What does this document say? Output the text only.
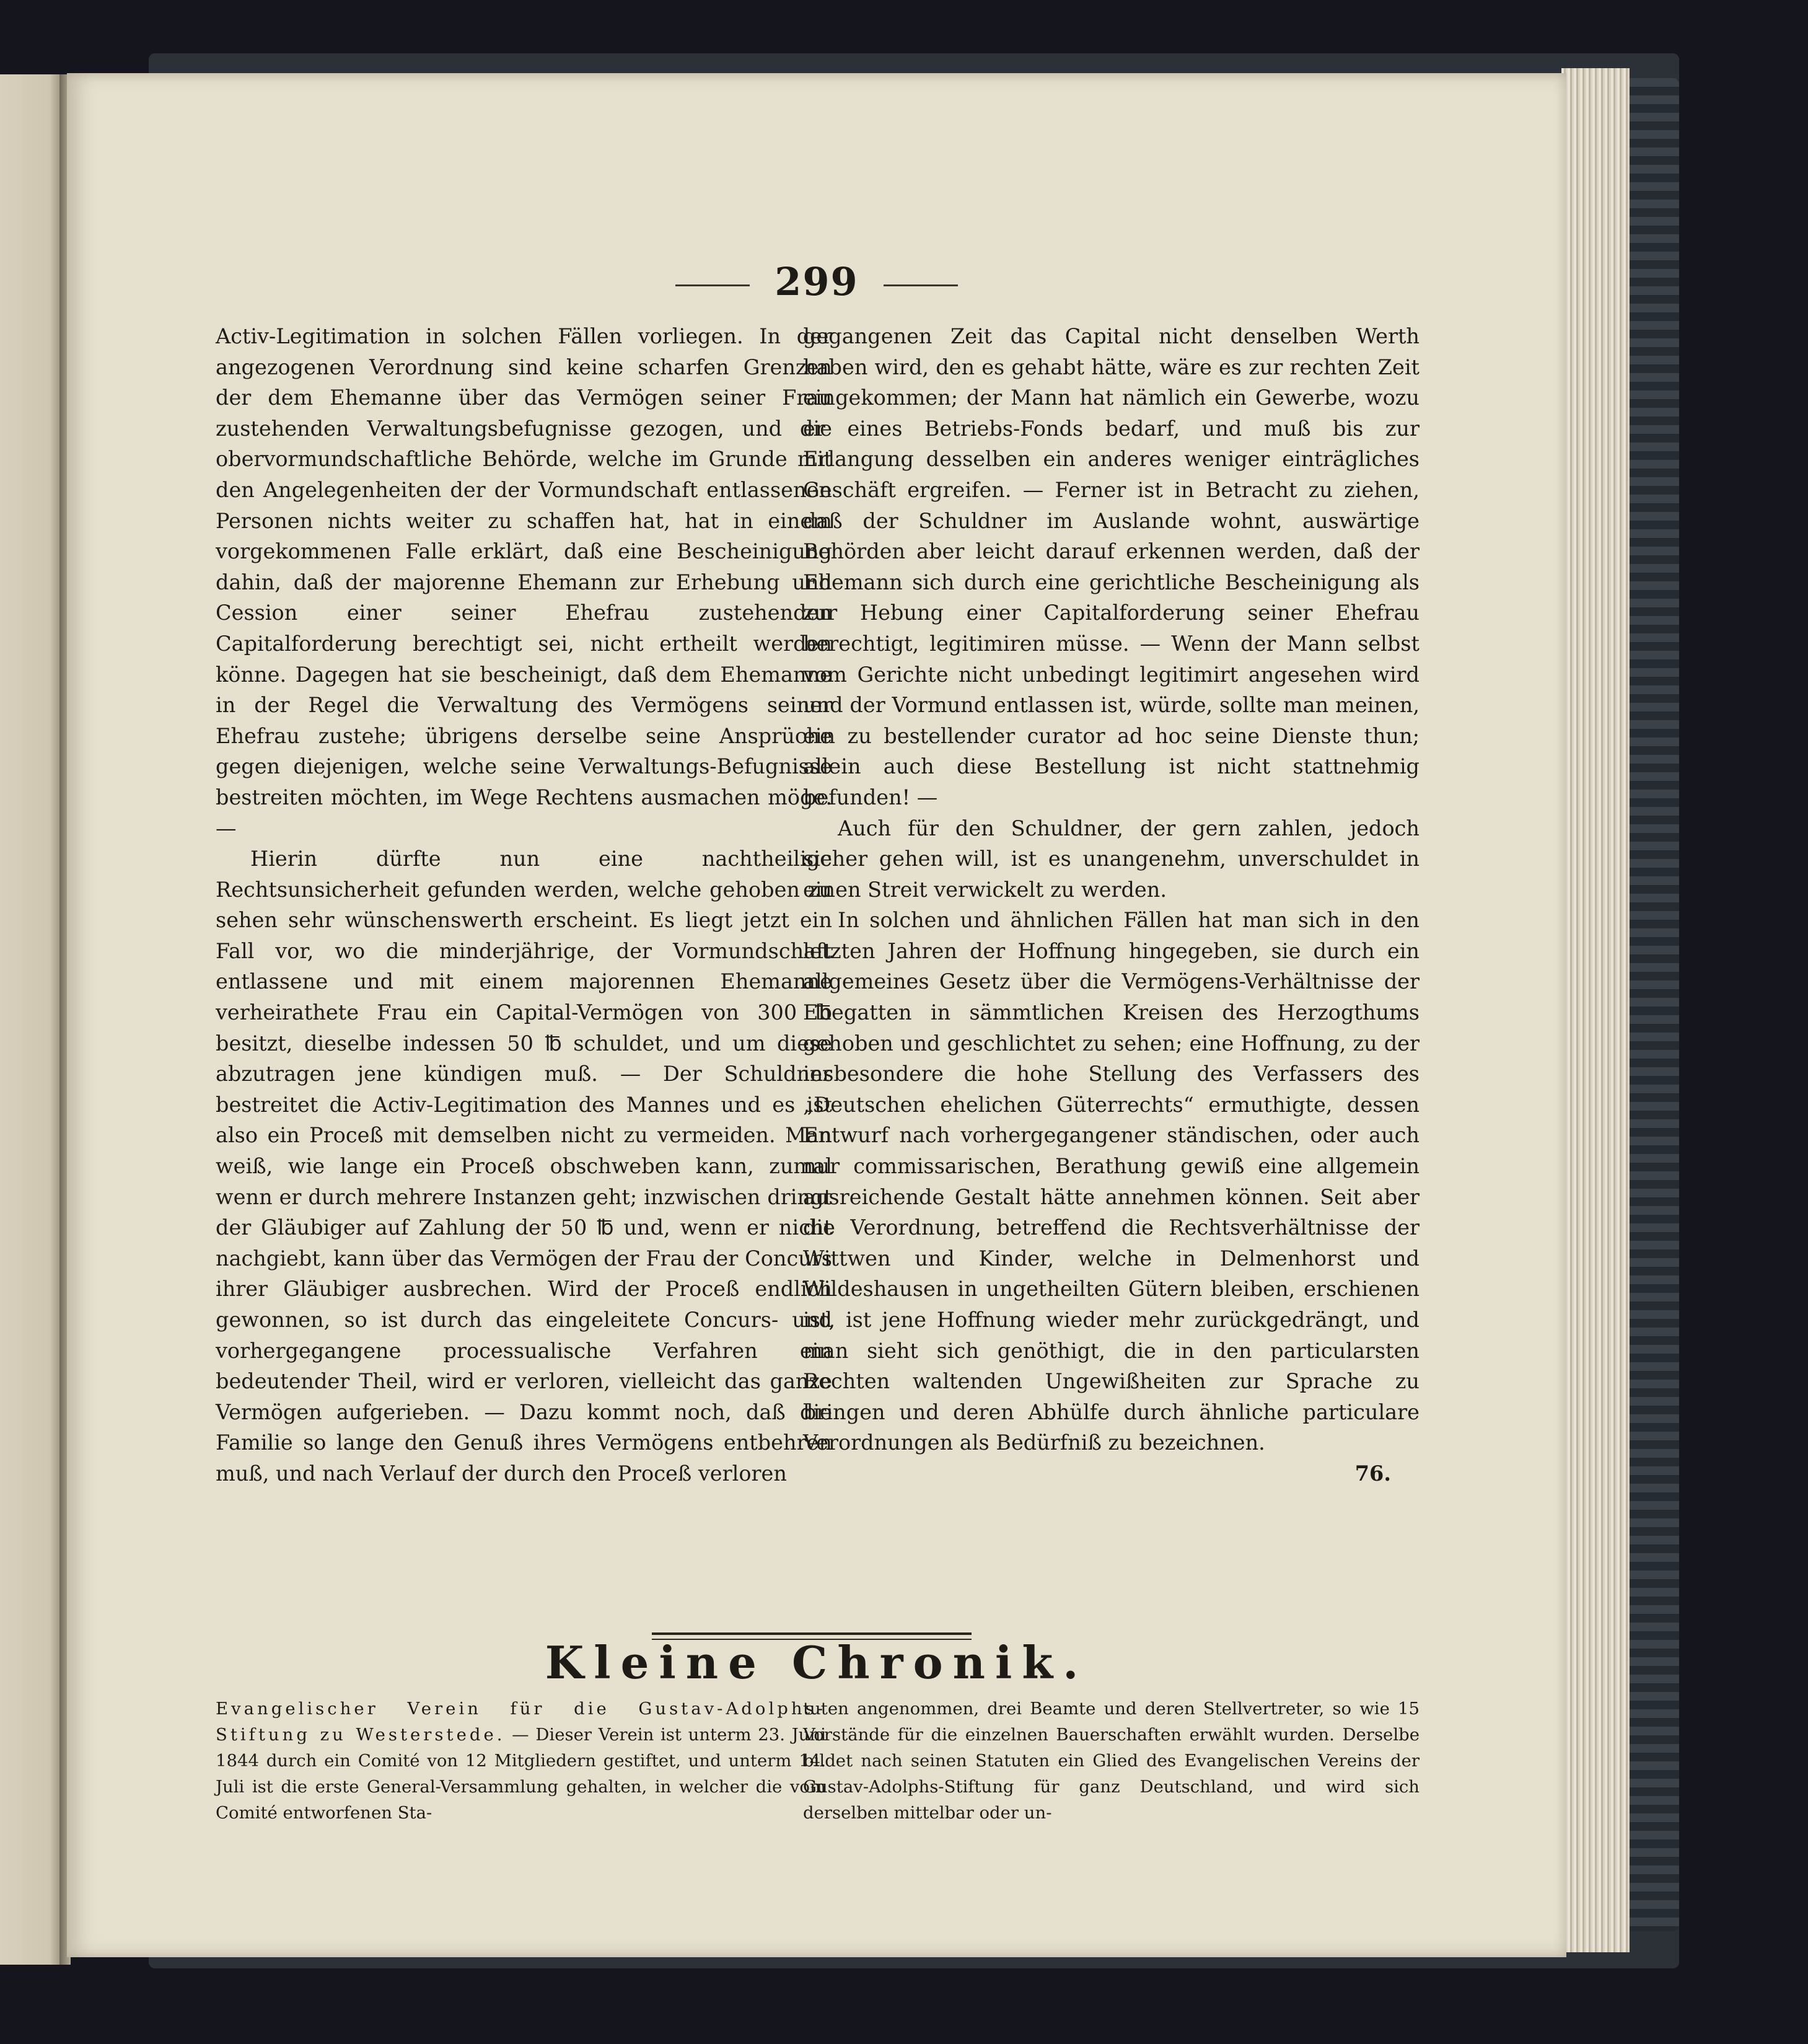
299

Activ-Legitimation in solchen Fällen vorliegen. In der angezogenen Verordnung sind keine scharfen Grenzen der dem Ehemanne über das Vermögen seiner Frau zustehenden Verwaltungsbefugnisse gezogen, und die obervormundschaftliche Behörde, welche im Grunde mit den Angelegenheiten der der Vormundschaft entlassenen Personen nichts weiter zu schaffen hat, hat in einem vorgekommenen Falle erklärt, daß eine Bescheinigung dahin, daß der majorenne Ehemann zur Erhebung und Cession einer seiner Ehefrau zustehenden Capitalforderung berechtigt sei, nicht ertheilt werden könne. Dagegen hat sie bescheinigt, daß dem Ehemanne in der Regel die Verwaltung des Vermögens seiner Ehefrau zustehe; übrigens derselbe seine Ansprüche gegen diejenigen, welche seine Verwaltungs-Befugnisse bestreiten möchten, im Wege Rechtens ausmachen möge. —

Hierin dürfte nun eine nachtheilige Rechtsunsicherheit gefunden werden, welche gehoben zu sehen sehr wünschenswerth erscheint. Es liegt jetzt ein Fall vor, wo die minderjährige, der Vormundschaft entlassene und mit einem majorennen Ehemanne verheirathete Frau ein Capital-Vermögen von 300 ℔ besitzt, dieselbe indessen 50 ℔ schuldet, und um diese abzutragen jene kündigen muß. — Der Schuldner bestreitet die Activ-Legitimation des Mannes und es ist also ein Proceß mit demselben nicht zu vermeiden. Man weiß, wie lange ein Proceß obschweben kann, zumal wenn er durch mehrere Instanzen geht; inzwischen dringt der Gläubiger auf Zahlung der 50 ℔ und, wenn er nicht nachgiebt, kann über das Vermögen der Frau der Concurs ihrer Gläubiger ausbrechen. Wird der Proceß endlich gewonnen, so ist durch das eingeleitete Concurs- und vorhergegangene processualische Verfahren ein bedeutender Theil, wird er verloren, vielleicht das ganze Vermögen aufgerieben. — Dazu kommt noch, daß die Familie so lange den Genuß ihres Vermögens entbehren muß, und nach Verlauf der durch den Proceß verloren

gegangenen Zeit das Capital nicht denselben Werth haben wird, den es gehabt hätte, wäre es zur rechten Zeit eingekommen; der Mann hat nämlich ein Gewerbe, wozu er eines Betriebs-Fonds bedarf, und muß bis zur Erlangung desselben ein anderes weniger einträgliches Geschäft ergreifen. — Ferner ist in Betracht zu ziehen, daß der Schuldner im Auslande wohnt, auswärtige Behörden aber leicht darauf erkennen werden, daß der Ehemann sich durch eine gerichtliche Bescheinigung als zur Hebung einer Capitalforderung seiner Ehefrau berechtigt, legitimiren müsse. — Wenn der Mann selbst vom Gerichte nicht unbedingt legitimirt angesehen wird und der Vormund entlassen ist, würde, sollte man meinen, ein zu bestellender curator ad hoc seine Dienste thun; allein auch diese Bestellung ist nicht stattnehmig befunden! —

Auch für den Schuldner, der gern zahlen, jedoch sicher gehen will, ist es unangenehm, unverschuldet in einen Streit verwickelt zu werden.

In solchen und ähnlichen Fällen hat man sich in den letzten Jahren der Hoffnung hingegeben, sie durch ein allgemeines Gesetz über die Vermögens-Verhältnisse der Ehegatten in sämmtlichen Kreisen des Herzogthums gehoben und geschlichtet zu sehen; eine Hoffnung, zu der insbesondere die hohe Stellung des Verfassers des „Deutschen ehelichen Güterrechts“ ermuthigte, dessen Entwurf nach vorhergegangener ständischen, oder auch nur commissarischen, Berathung gewiß eine allgemein ausreichende Gestalt hätte annehmen können. Seit aber die Verordnung, betreffend die Rechtsverhältnisse der Wittwen und Kinder, welche in Delmenhorst und Wildeshausen in ungetheilten Gütern bleiben, erschienen ist, ist jene Hoffnung wieder mehr zurückgedrängt, und man sieht sich genöthigt, die in den particularsten Rechten waltenden Ungewißheiten zur Sprache zu bringen und deren Abhülfe durch ähnliche particulare Verordnungen als Bedürfniß zu bezeichnen.

76.

Kleine Chronik.
Evangelischer Verein für die Gustav-Adolphs-Stiftung zu Westerstede. — Dieser Verein ist unterm 23. Juni 1844 durch ein Comité von 12 Mitgliedern gestiftet, und unterm 14. Juli ist die erste General-Versammlung gehalten, in welcher die vom Comité entworfenen Sta-
tuten angenommen, drei Beamte und deren Stellvertreter, so wie 15 Vorstände für die einzelnen Bauerschaften erwählt wurden. Derselbe bildet nach seinen Statuten ein Glied des Evangelischen Vereins der Gustav-Adolphs-Stiftung für ganz Deutschland, und wird sich derselben mittelbar oder un-
